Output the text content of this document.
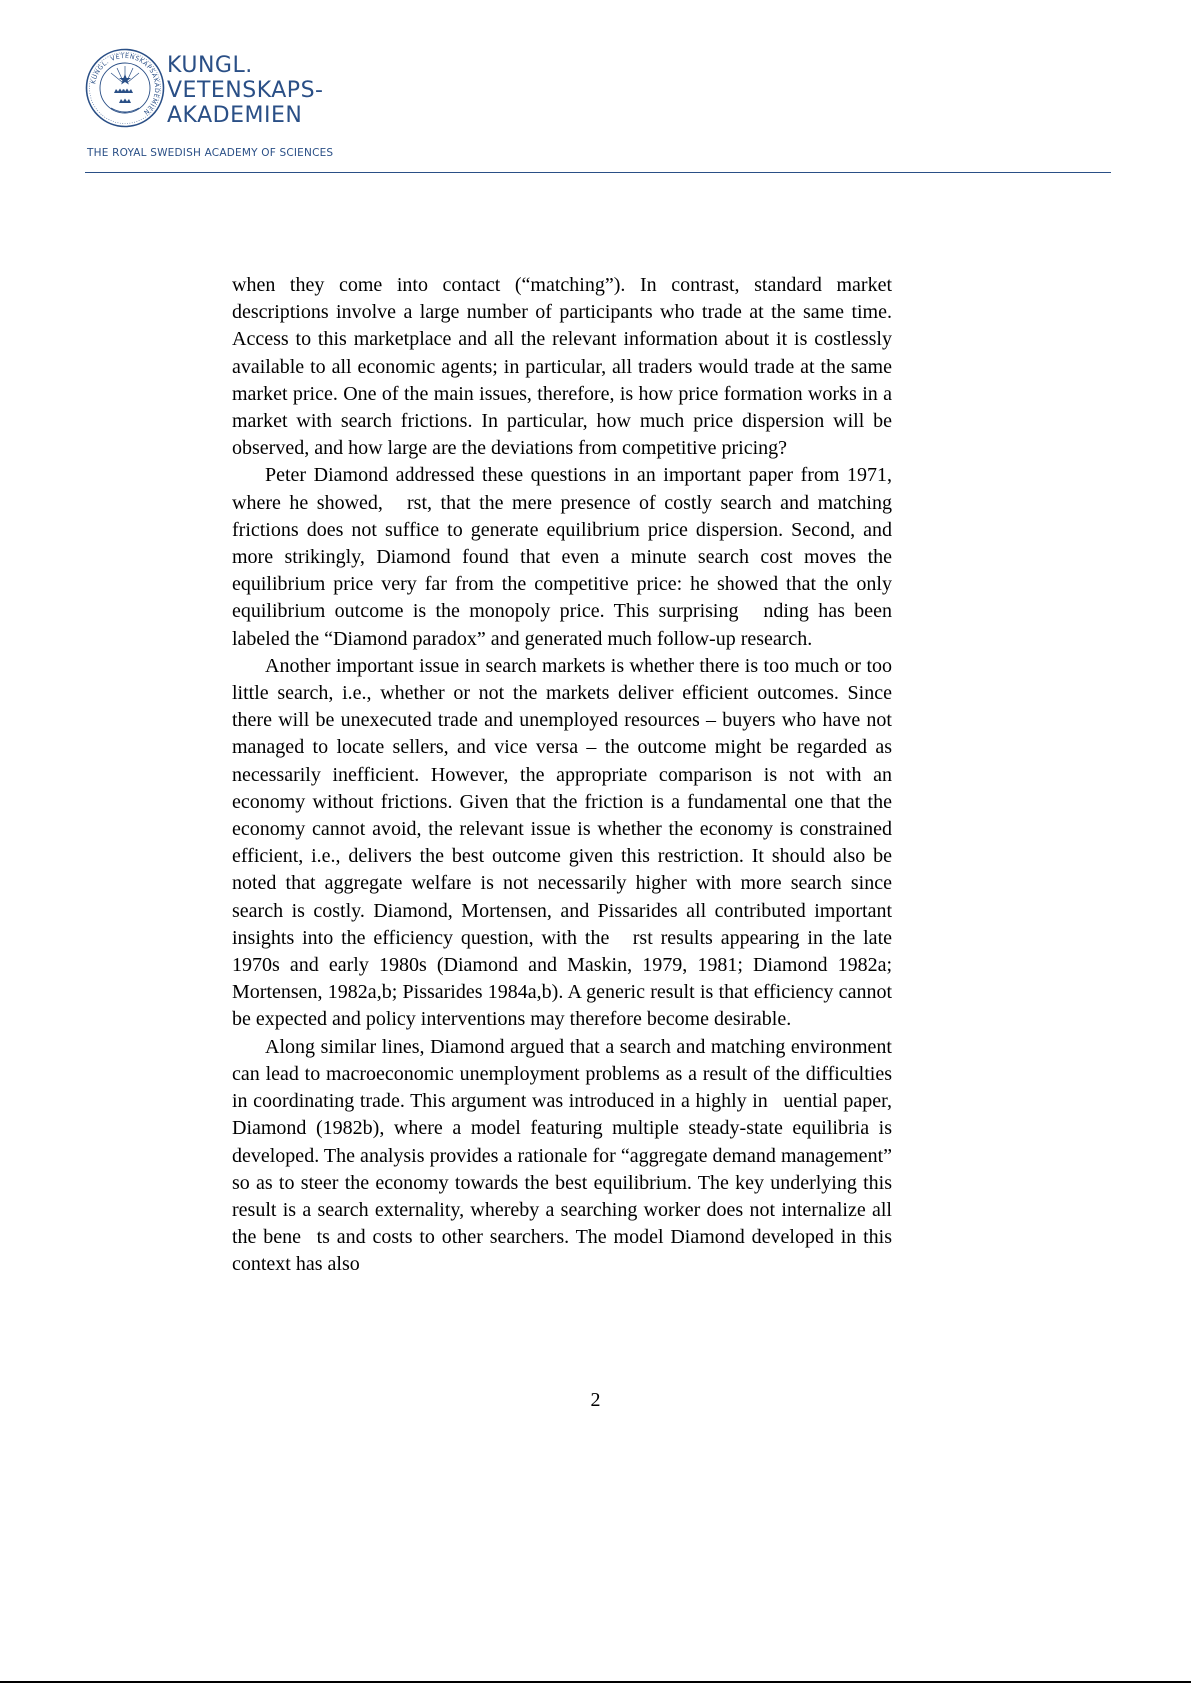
KUNGL. VETENSKAPSAKADEMIEN
KUNGL.
VETENSKAPS-
AKADEMIEN
THE ROYAL SWEDISH ACADEMY OF SCIENCES

when they come into contact (“matching”). In contrast, standard market descriptions involve a large number of participants who trade at the same time. Access to this marketplace and all the relevant information about it is costlessly available to all economic agents; in particular, all traders would trade at the same market price. One of the main issues, therefore, is how price formation works in a market with search frictions. In particular, how much price dispersion will be observed, and how large are the deviations from competitive pricing?

Peter Diamond addressed these questions in an important paper from 1971, where he showed,  rst, that the mere presence of costly search and matching frictions does not suffice to generate equilibrium price dispersion. Second, and more strikingly, Diamond found that even a minute search cost moves the equilibrium price very far from the competitive price: he showed that the only equilibrium outcome is the monopoly price. This surprising  nding has been labeled the “Diamond paradox” and generated much follow-up research.

Another important issue in search markets is whether there is too much or too little search, i.e., whether or not the markets deliver efficient outcomes. Since there will be unexecuted trade and unemployed resources – buyers who have not managed to locate sellers, and vice versa – the outcome might be regarded as necessarily inefficient. However, the appropriate comparison is not with an economy without frictions. Given that the friction is a fundamental one that the economy cannot avoid, the relevant issue is whether the economy is constrained efficient, i.e., delivers the best outcome given this restriction. It should also be noted that aggregate welfare is not necessarily higher with more search since search is costly. Diamond, Mortensen, and Pissarides all contributed important insights into the efficiency question, with the  rst results appearing in the late 1970s and early 1980s (Diamond and Maskin, 1979, 1981; Diamond 1982a; Mortensen, 1982a,b; Pissarides 1984a,b). A generic result is that efficiency cannot be expected and policy interventions may therefore become desirable.

Along similar lines, Diamond argued that a search and matching environment can lead to macroeconomic unemployment problems as a result of the difficulties in coordinating trade. This argument was introduced in a highly in uential paper, Diamond (1982b), where a model featuring multiple steady-state equilibria is developed. The analysis provides a rationale for “aggregate demand management” so as to steer the economy towards the best equilibrium. The key underlying this result is a search externality, whereby a searching worker does not internalize all the bene ts and costs to other searchers. The model Diamond developed in this context has also

2
